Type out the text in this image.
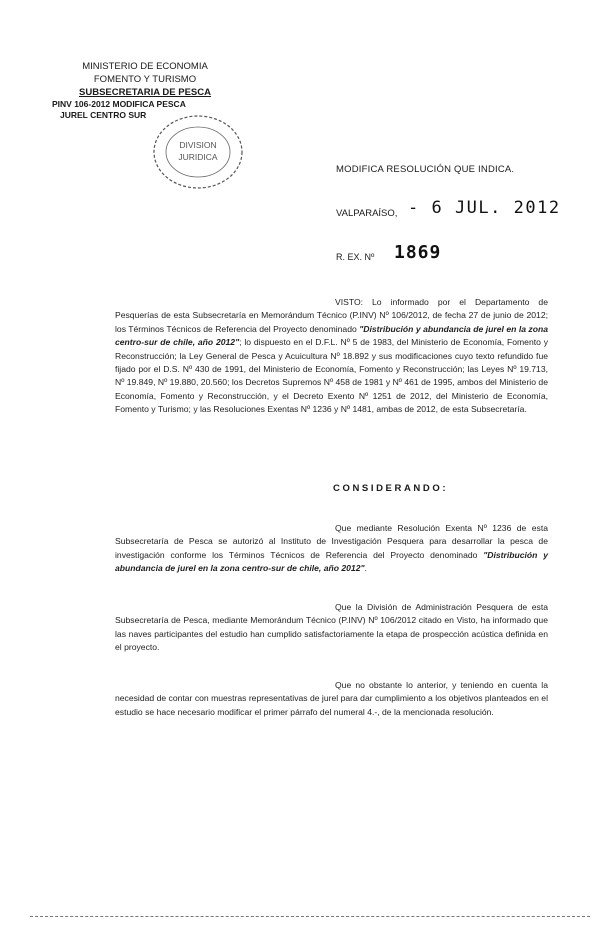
MINISTERIO DE ECONOMIA
FOMENTO Y TURISMO
SUBSECRETARIA DE PESCA
PINV 106-2012 MODIFICA PESCA
JUREL CENTRO SUR
DIVISION
JURIDICA
MODIFICA RESOLUCIÓN QUE INDICA.
VALPARAÍSO, - 6 JUL. 2012
R. EX. Nº 1869
VISTO: Lo informado por el Departamento de Pesquerías de esta Subsecretaría en Memorándum Técnico (P.INV) Nº 106/2012, de fecha 27 de junio de 2012; los Términos Técnicos de Referencia del Proyecto denominado "Distribución y abundancia de jurel en la zona centro-sur de chile, año 2012"; lo dispuesto en el D.F.L. Nº 5 de 1983, del Ministerio de Economía, Fomento y Reconstrucción; la Ley General de Pesca y Acuicultura Nº 18.892 y sus modificaciones cuyo texto refundido fue fijado por el D.S. Nº 430 de 1991, del Ministerio de Economía, Fomento y Reconstrucción; las Leyes Nº 19.713, Nº 19.849, Nº 19.880, 20.560; los Decretos Supremos Nº 458 de 1981 y Nº 461 de 1995, ambos del Ministerio de Economía, Fomento y Reconstrucción, y el Decreto Exento Nº 1251 de 2012, del Ministerio de Economía, Fomento y Turismo; y las Resoluciones Exentas Nº 1236 y Nº 1481, ambas de 2012, de esta Subsecretaría.
CONSIDERANDO:
Que mediante Resolución Exenta Nº 1236 de esta Subsecretaría de Pesca se autorizó al Instituto de Investigación Pesquera para desarrollar la pesca de investigación conforme los Términos Técnicos de Referencia del Proyecto denominado "Distribución y abundancia de jurel en la zona centro-sur de chile, año 2012".
Que la División de Administración Pesquera de esta Subsecretaría de Pesca, mediante Memorándum Técnico (P.INV) Nº 106/2012 citado en Visto, ha informado que las naves participantes del estudio han cumplido satisfactoriamente la etapa de prospección acústica definida en el proyecto.
Que no obstante lo anterior, y teniendo en cuenta la necesidad de contar con muestras representativas de jurel para dar cumplimiento a los objetivos planteados en el estudio se hace necesario modificar el primer párrafo del numeral 4.-, de la mencionada resolución.
